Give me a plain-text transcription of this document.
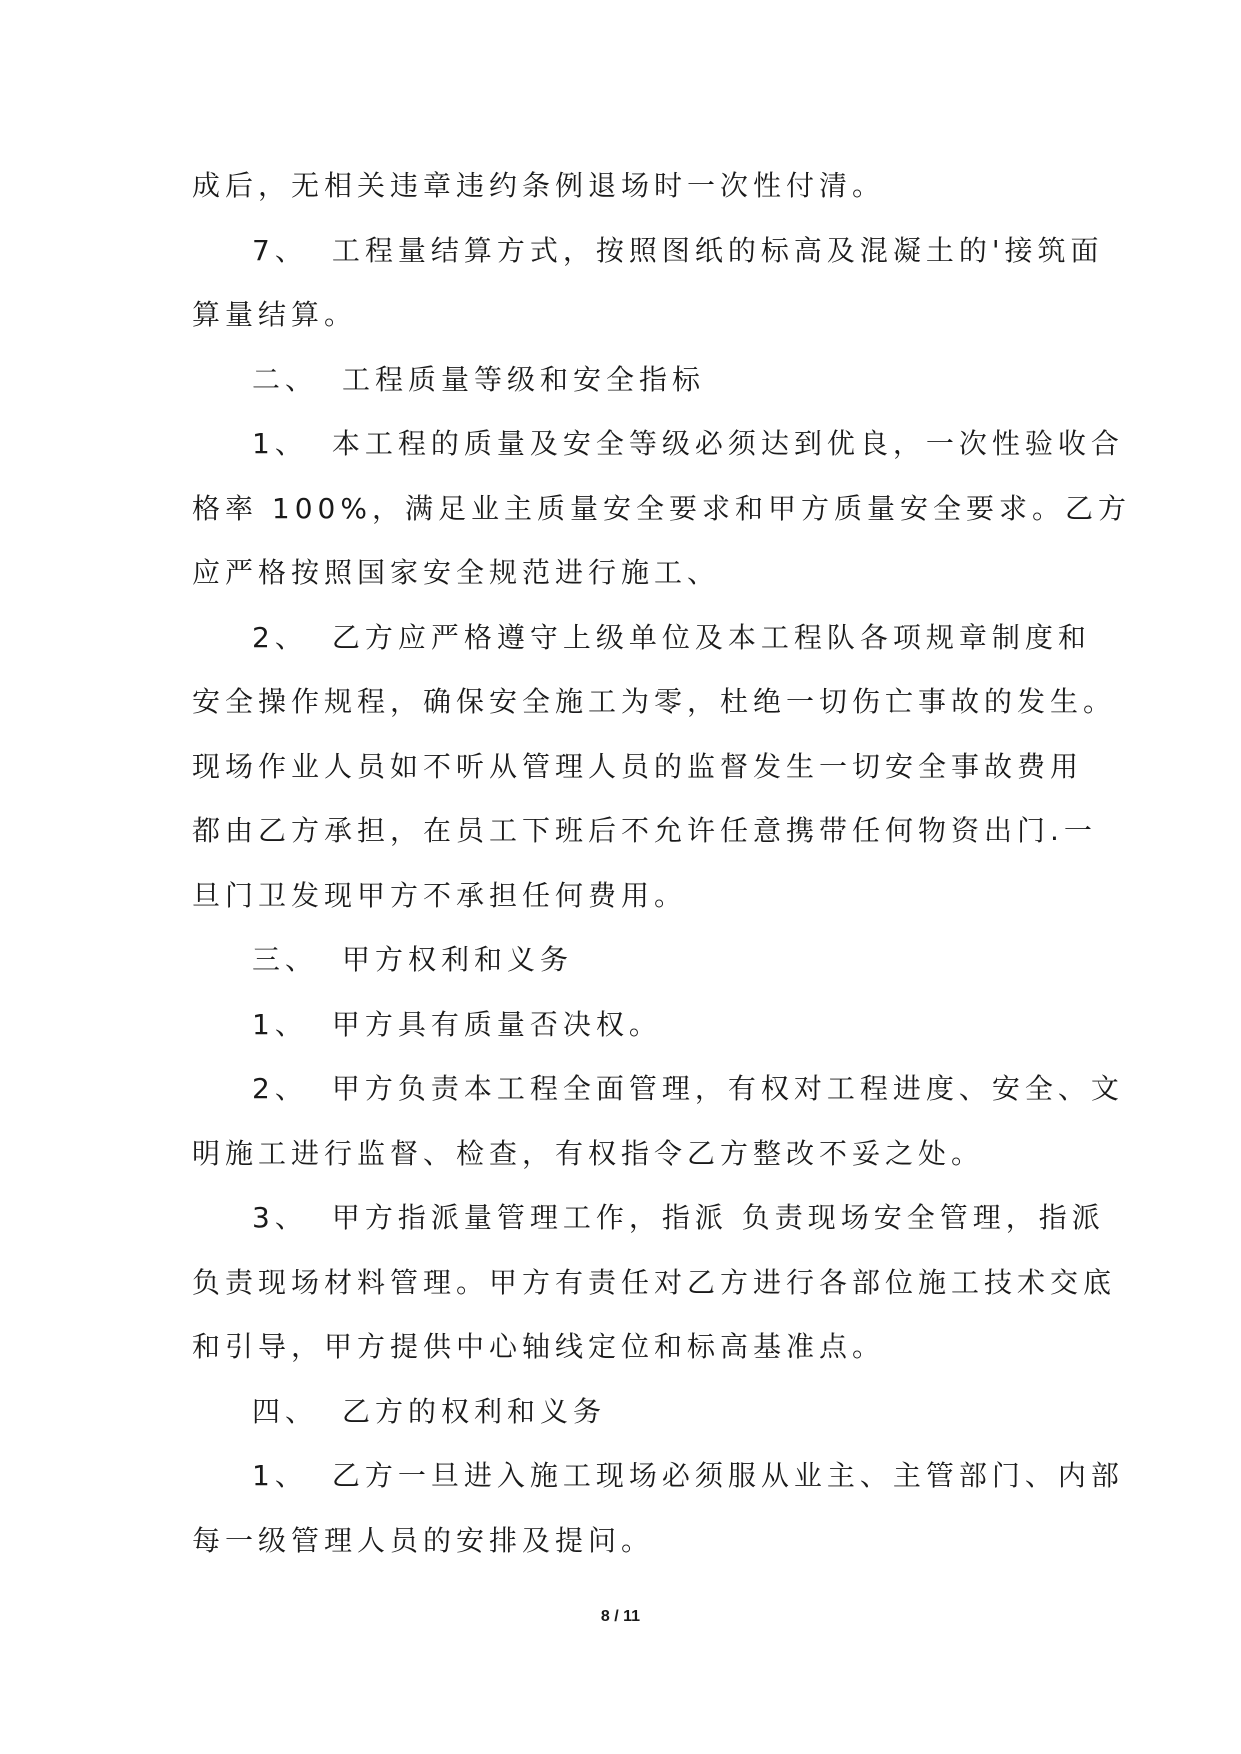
成后，无相关违章违约条例退场时一次性付清。
7、 工程量结算方式，按照图纸的标高及混凝土的'接筑面
算量结算。
二、 工程质量等级和安全指标
1、 本工程的质量及安全等级必须达到优良，一次性验收合
格率 100%，满足业主质量安全要求和甲方质量安全要求。乙方
应严格按照国家安全规范进行施工、
2、 乙方应严格遵守上级单位及本工程队各项规章制度和
安全操作规程，确保安全施工为零，杜绝一切伤亡事故的发生。
现场作业人员如不听从管理人员的监督发生一切安全事故费用
都由乙方承担，在员工下班后不允许任意携带任何物资出门.一
旦门卫发现甲方不承担任何费用。
三、 甲方权利和义务
1、 甲方具有质量否决权。
2、 甲方负责本工程全面管理，有权对工程进度、安全、文
明施工进行监督、检查，有权指令乙方整改不妥之处。
3、 甲方指派量管理工作，指派 负责现场安全管理，指派
负责现场材料管理。甲方有责任对乙方进行各部位施工技术交底
和引导，甲方提供中心轴线定位和标高基准点。
四、 乙方的权利和义务
1、 乙方一旦进入施工现场必须服从业主、主管部门、内部
每一级管理人员的安排及提问。
8 / 11
